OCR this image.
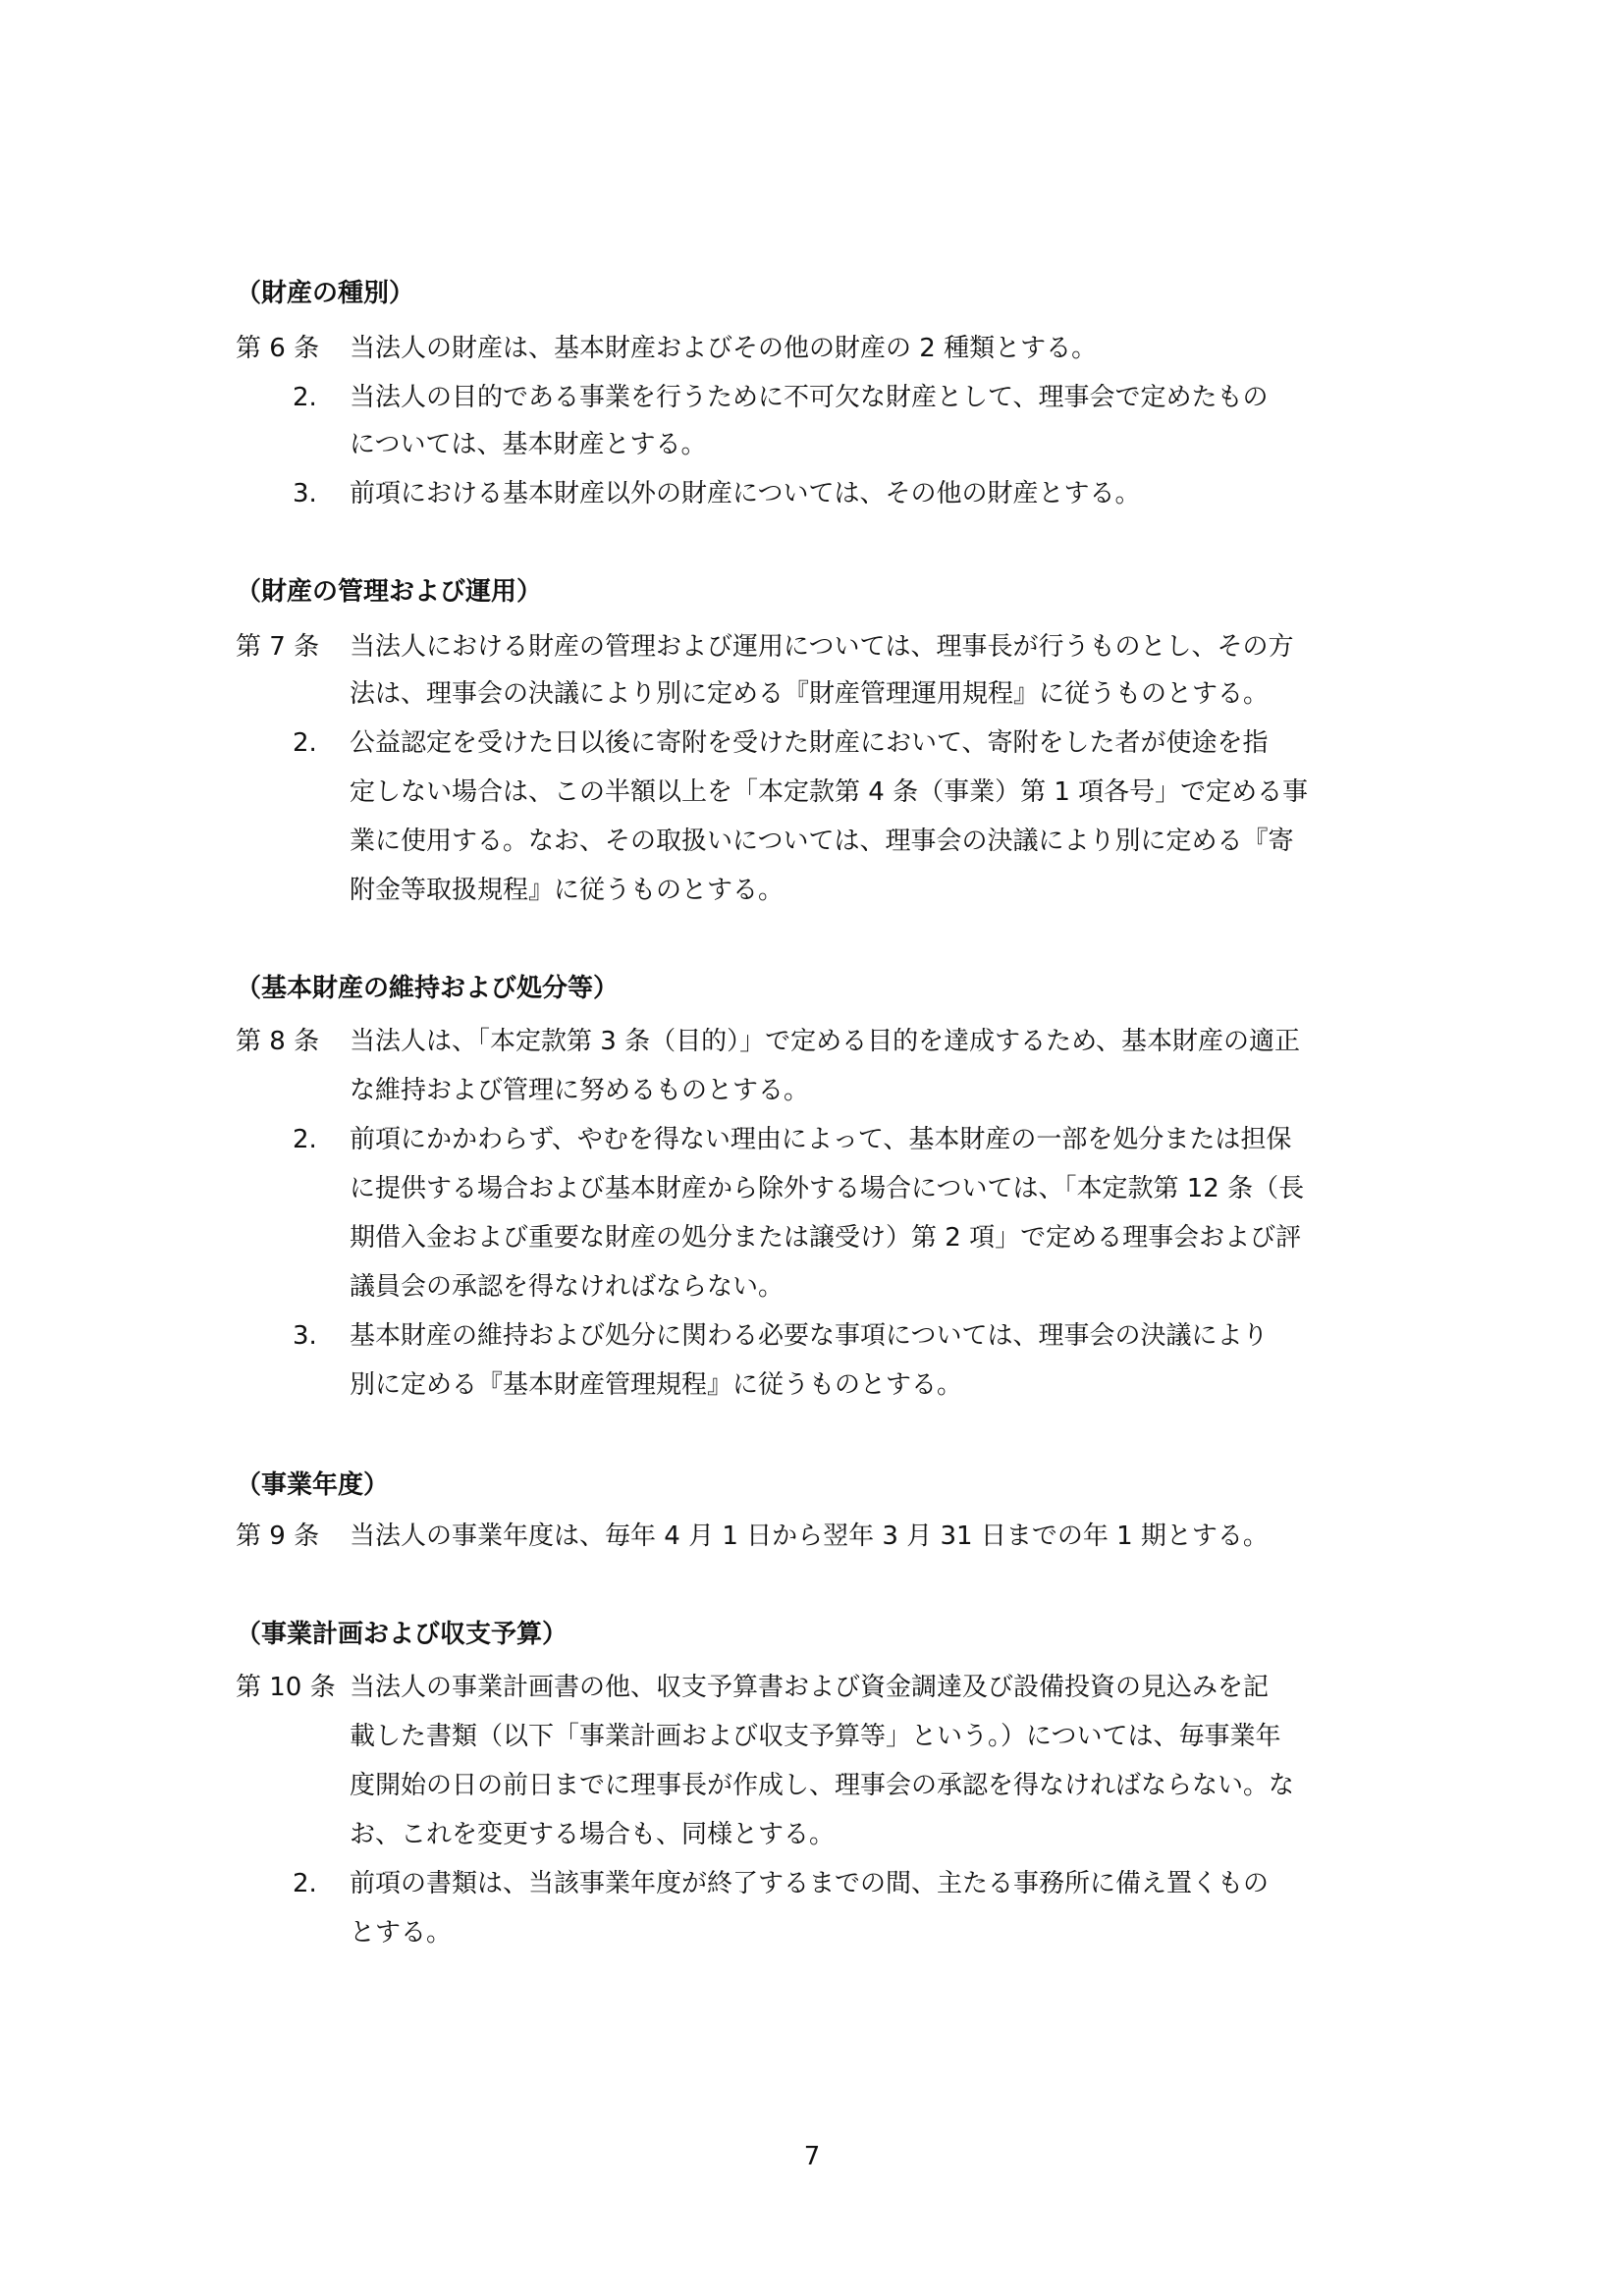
（財産の種別）
第 6 条 当法人の財産は、基本財産およびその他の財産の 2 種類とする。
2. 当法人の目的である事業を行うために不可欠な財産として、理事会で定めたもの
については、基本財産とする。
3. 前項における基本財産以外の財産については、その他の財産とする。
（財産の管理および運用）
第 7 条 当法人における財産の管理および運用については、理事長が行うものとし、その方
法は、理事会の決議により別に定める『財産管理運用規程』に従うものとする。
2. 公益認定を受けた日以後に寄附を受けた財産において、寄附をした者が使途を指
定しない場合は、この半額以上を「本定款第 4 条（事業）第 1 項各号」で定める事
業に使用する。なお、その取扱いについては、理事会の決議により別に定める『寄
附金等取扱規程』に従うものとする。
（基本財産の維持および処分等）
第 8 条 当法人は、「本定款第 3 条（目的）」で定める目的を達成するため、基本財産の適正
な維持および管理に努めるものとする。
2. 前項にかかわらず、やむを得ない理由によって、基本財産の一部を処分または担保
に提供する場合および基本財産から除外する場合については、「本定款第 12 条（長
期借入金および重要な財産の処分または譲受け）第 2 項」で定める理事会および評
議員会の承認を得なければならない。
3. 基本財産の維持および処分に関わる必要な事項については、理事会の決議により
別に定める『基本財産管理規程』に従うものとする。
（事業年度）
第 9 条 当法人の事業年度は、毎年 4 月 1 日から翌年 3 月 31 日までの年 1 期とする。
（事業計画および収支予算）
第 10 条 当法人の事業計画書の他、収支予算書および資金調達及び設備投資の見込みを記
載した書類（以下「事業計画および収支予算等」という。）については、毎事業年
度開始の日の前日までに理事長が作成し、理事会の承認を得なければならない。な
お、これを変更する場合も、同様とする。
2. 前項の書類は、当該事業年度が終了するまでの間、主たる事務所に備え置くもの
とする。
7
